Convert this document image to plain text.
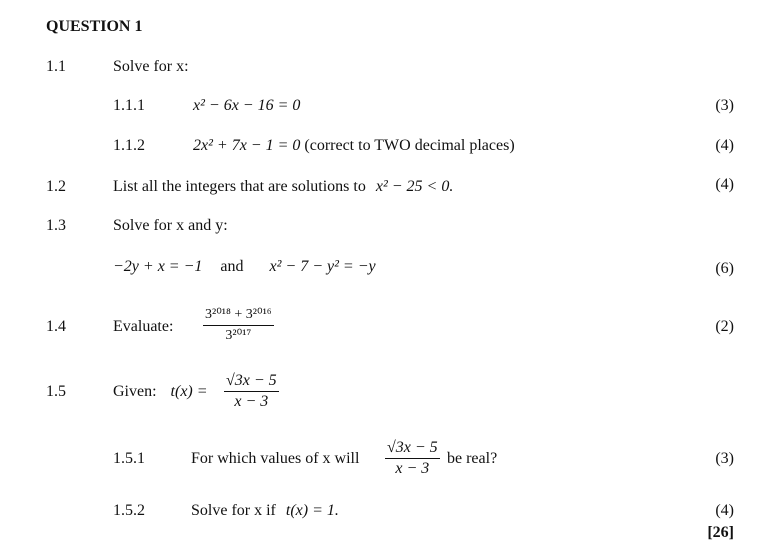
QUESTION 1
1.1	Solve for x:
1.1.1	x² − 6x − 16 = 0	(3)
1.1.2	2x² + 7x − 1 = 0 (correct to TWO decimal places)	(4)
1.2	List all the integers that are solutions to x² − 25 < 0.	(4)
1.3	Solve for x and y:
−2y + x = −1 and x² − 7 − y² = −y	(6)
1.4	Evaluate: $\frac{\text{3²⁰¹⁸ + 3²⁰¹⁶}}{\text{3²⁰¹⁷}}$	(2)
1.5	Given: $t(x) = \frac{√3x - 5}{x - 3}$
1.5.1	For which values of x will $\frac{√3x - 5}{x - 3}$ be real?	(3)
1.5.2	Solve for x if t(x) = 1.	(4)
[26]
